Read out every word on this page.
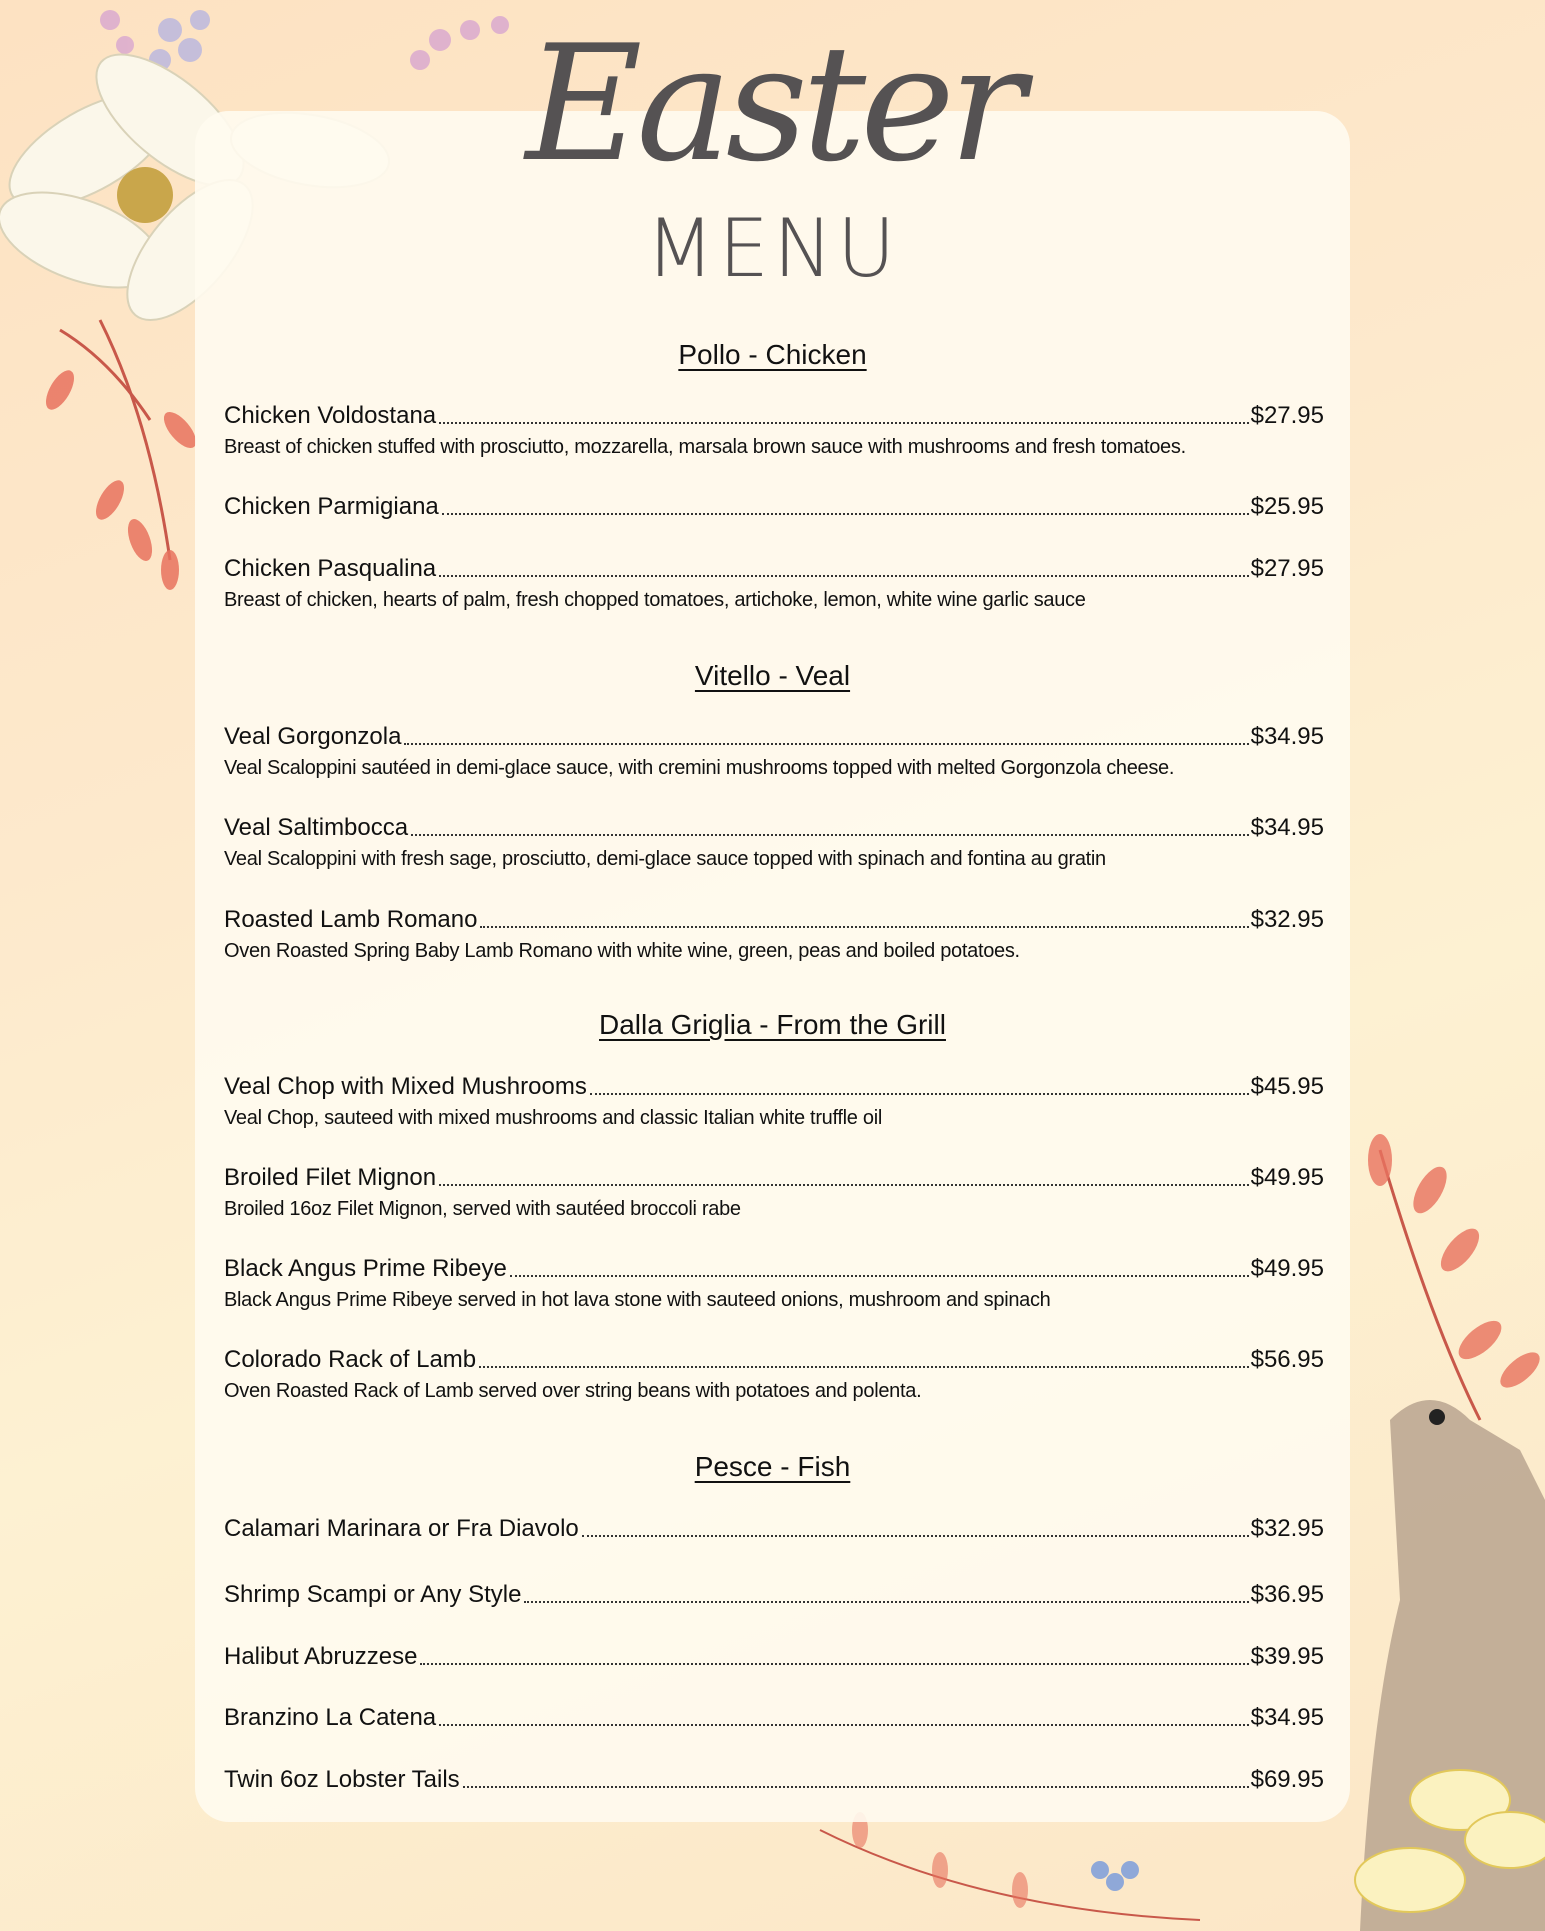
Easter
MENU
Pollo - Chicken
Chicken Voldostana	$27.95
Breast of chicken stuffed with prosciutto, mozzarella, marsala brown sauce with mushrooms and fresh tomatoes.
Chicken Parmigiana	$25.95
Chicken Pasqualina	$27.95
Breast of chicken, hearts of palm, fresh chopped tomatoes, artichoke, lemon, white wine garlic sauce
Vitello - Veal
Veal Gorgonzola	$34.95
Veal Scaloppini sautéed in demi-glace sauce, with cremini mushrooms topped with melted Gorgonzola cheese.
Veal Saltimbocca	$34.95
Veal Scaloppini with fresh sage, prosciutto, demi-glace sauce topped with spinach and fontina au gratin
Roasted Lamb Romano	$32.95
Oven Roasted Spring Baby Lamb Romano with white wine, green, peas and boiled potatoes.
Dalla Griglia - From the Grill
Veal Chop with Mixed Mushrooms	$45.95
Veal Chop, sauteed with mixed mushrooms and classic Italian white truffle oil
Broiled Filet Mignon	$49.95
Broiled 16oz Filet Mignon, served with sautéed broccoli rabe
Black Angus Prime Ribeye	$49.95
Black Angus Prime Ribeye served in hot lava stone with sauteed onions, mushroom and spinach
Colorado Rack of Lamb	$56.95
Oven Roasted Rack of Lamb served over string beans with potatoes and polenta.
Pesce - Fish
Calamari Marinara or Fra Diavolo	$32.95
Shrimp Scampi or Any Style	$36.95
Halibut Abruzzese	$39.95
Branzino La Catena	$34.95
Twin 6oz Lobster Tails	$69.95
